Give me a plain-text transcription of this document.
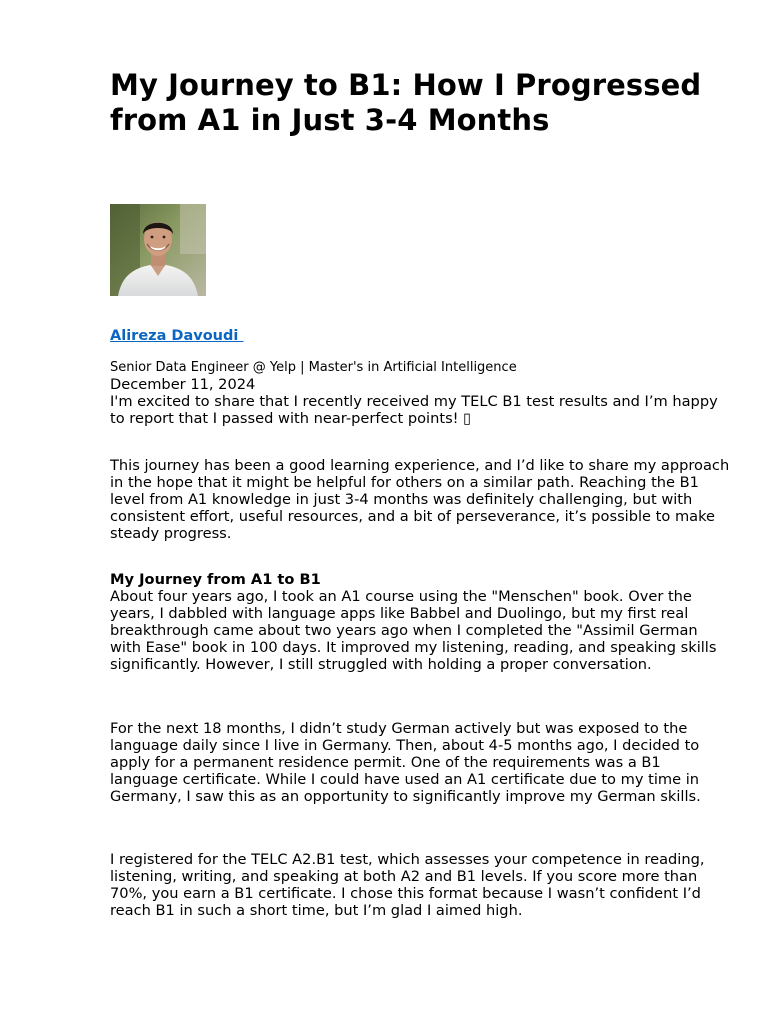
My Journey to B1: How I Progressed from A1 in Just 3-4 Months
Alireza Davoudi
Senior Data Engineer @ Yelp | Master's in Artificial Intelligence
December 11, 2024

I'm excited to share that I recently received my TELC B1 test results and I’m happy to report that I passed with near-perfect points! ▯

This journey has been a good learning experience, and I’d like to share my approach in the hope that it might be helpful for others on a similar path. Reaching the B1 level from A1 knowledge in just 3-4 months was definitely challenging, but with consistent effort, useful resources, and a bit of perseverance, it’s possible to make steady progress.

My Journey from A1 to B1

About four years ago, I took an A1 course using the "Menschen" book. Over the years, I dabbled with language apps like Babbel and Duolingo, but my first real breakthrough came about two years ago when I completed the "Assimil German with Ease" book in 100 days. It improved my listening, reading, and speaking skills significantly. However, I still struggled with holding a proper conversation.

For the next 18 months, I didn’t study German actively but was exposed to the language daily since I live in Germany. Then, about 4-5 months ago, I decided to apply for a permanent residence permit. One of the requirements was a B1 language certificate. While I could have used an A1 certificate due to my time in Germany, I saw this as an opportunity to significantly improve my German skills.

I registered for the TELC A2.B1 test, which assesses your competence in reading, listening, writing, and speaking at both A2 and B1 levels. If you score more than 70%, you earn a B1 certificate. I chose this format because I wasn’t confident I’d reach B1 in such a short time, but I’m glad I aimed high.
